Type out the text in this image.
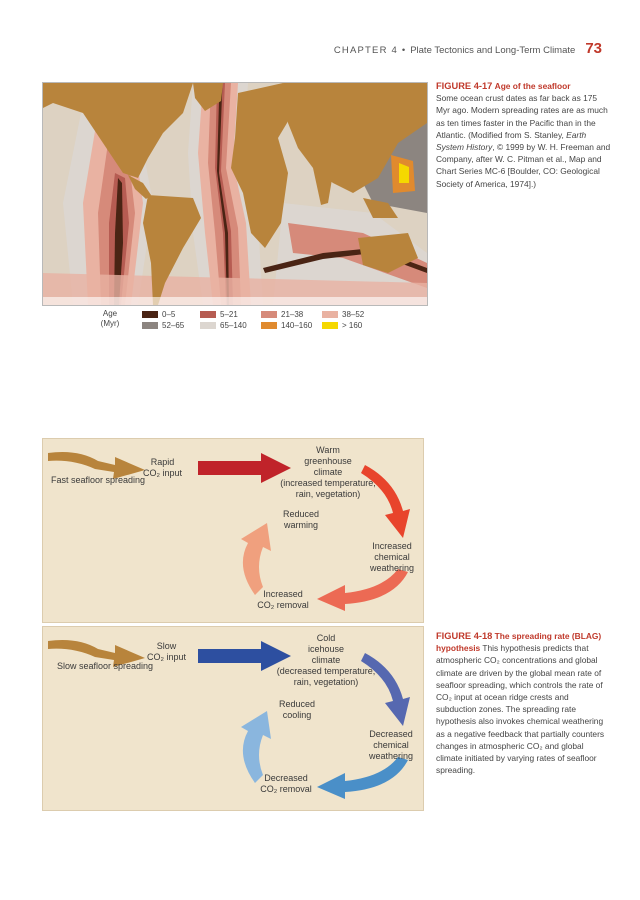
CHAPTER 4 • Plate Tectonics and Long-Term Climate 73
Age
(Myr)
0–5	5–21	21–38	38–52
52–65	65–140	140–160	> 160
FIGURE 4-17 Age of the seafloor
Some ocean crust dates as far back as 175 Myr ago. Modern spreading rates are as much as ten times faster in the Pacific than in the Atlantic. (Modified from S. Stanley, Earth System History, © 1999 by W. H. Freeman and Company, after W. C. Pitman et al., Map and Chart Series MC-6 [Boulder, CO: Geological Society of America, 1974].)
Fast seafloor spreading
Rapid
CO₂ input
Warm
greenhouse
climate
(increased temperature,
rain, vegetation)
Reduced
warming
Increased
chemical
weathering
Increased
CO₂ removal
Slow seafloor spreading
Slow
CO₂ input
Cold
icehouse
climate
(decreased temperature,
rain, vegetation)
Reduced
cooling
Decreased
chemical
weathering
Decreased
CO₂ removal
FIGURE 4-18 The spreading rate (BLAG) hypothesis This hypothesis predicts that atmospheric CO₂ concentrations and global climate are driven by the global mean rate of seafloor spreading, which controls the rate of CO₂ input at ocean ridge crests and subduction zones. The spreading rate hypothesis also invokes chemical weathering as a negative feedback that partially counters changes in atmospheric CO₂ and global climate initiated by varying rates of seafloor spreading.
